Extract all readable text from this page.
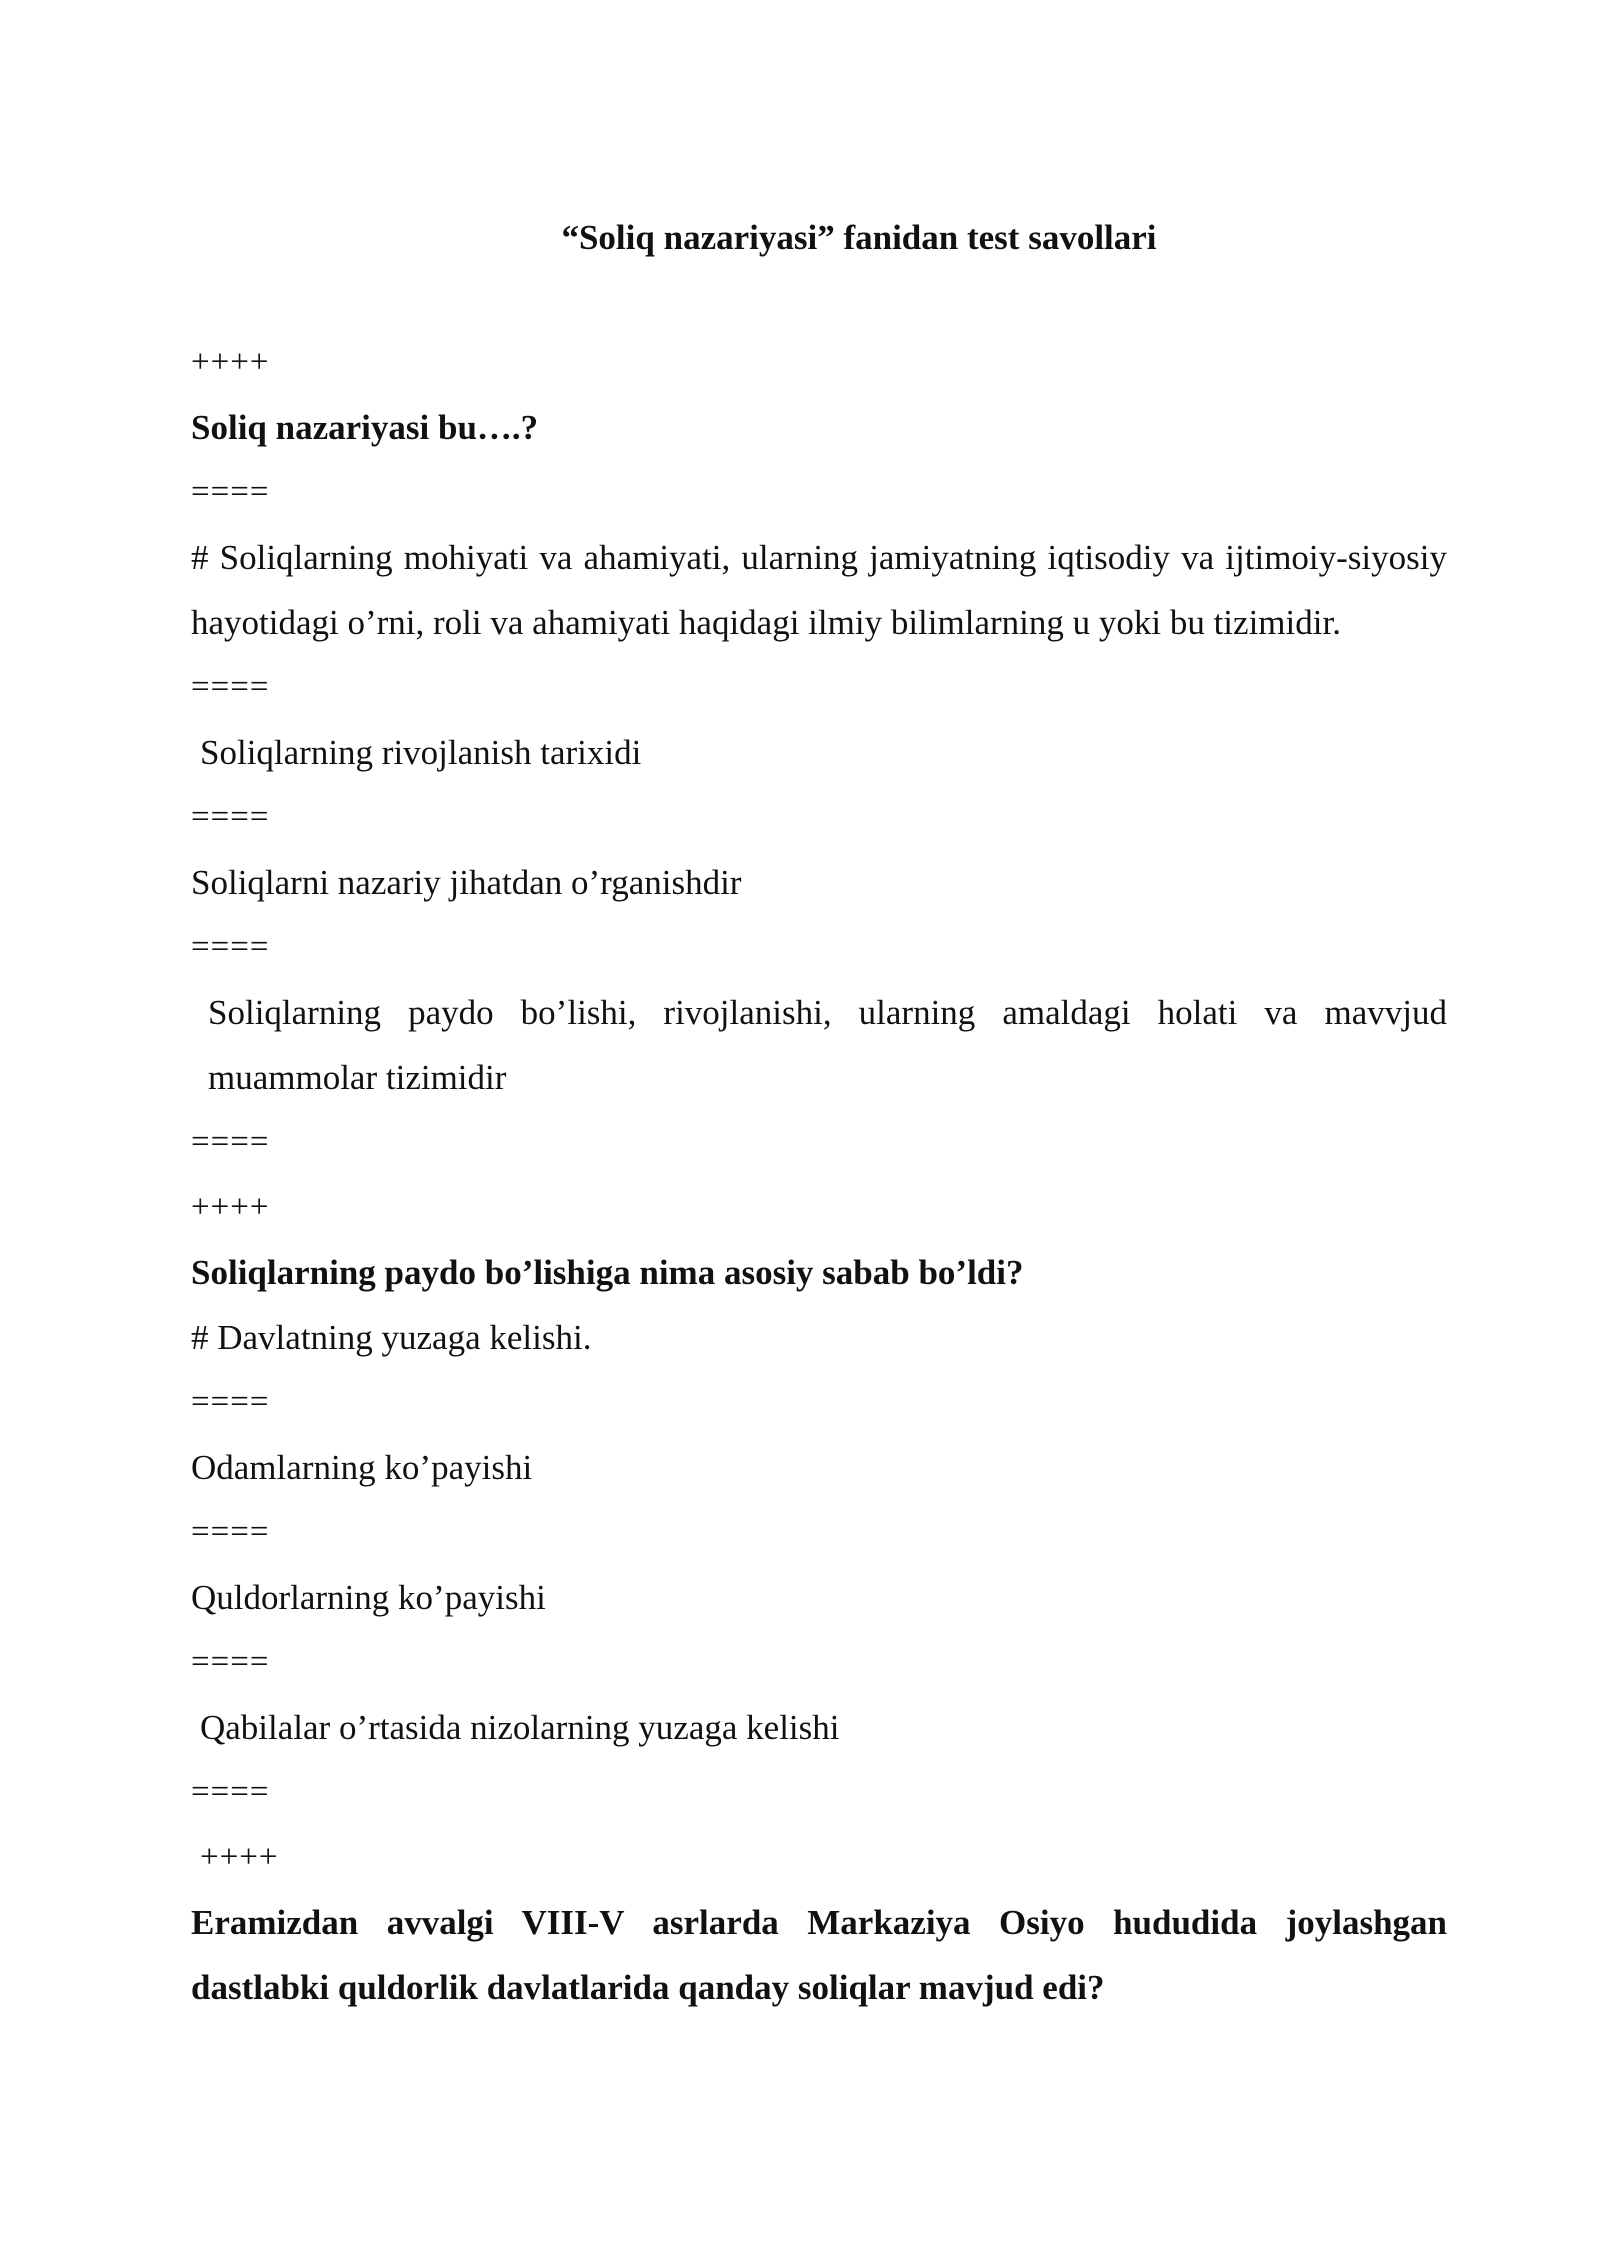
“Soliq nazariyasi” fanidan test savollari

++++

Soliq nazariyasi bu….?

====

# Soliqlarning mohiyati va ahamiyati, ularning jamiyatning iqtisodiy va ijtimoiy-siyosiy hayotidagi o’rni, roli va ahamiyati haqidagi ilmiy bilimlarning u yoki bu tizimidir.

====

Soliqlarning rivojlanish tarixidi

====

Soliqlarni nazariy jihatdan o’rganishdir

====

Soliqlarning paydo bo’lishi, rivojlanishi, ularning amaldagi holati va mavvjud muammolar tizimidir

====

++++

Soliqlarning paydo bo’lishiga nima asosiy sabab bo’ldi?

# Davlatning yuzaga kelishi.

====

Odamlarning ko’payishi

====

Quldorlarning ko’payishi

====

Qabilalar o’rtasida nizolarning yuzaga kelishi

====

++++

Eramizdan avvalgi VIII-V asrlarda Markaziya Osiyo hududida joylashgan dastlabki quldorlik davlatlarida qanday soliqlar mavjud edi?
